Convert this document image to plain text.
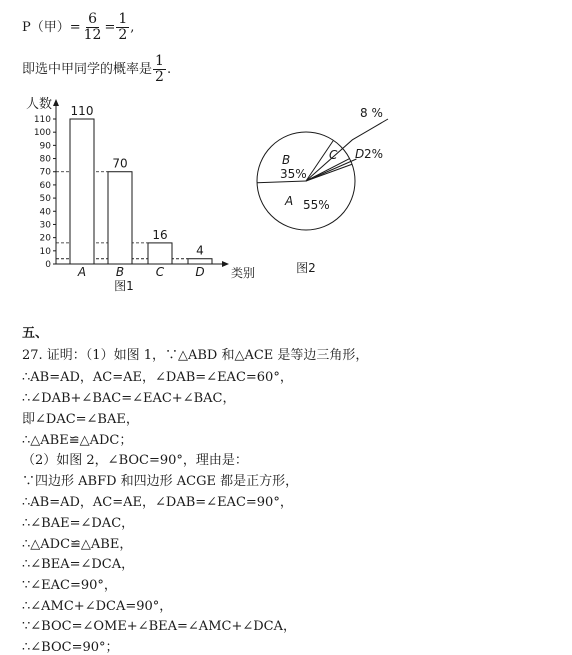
P（甲）= $\frac{6}{12} = \frac{1}{2}$ ,
即选中甲同学的概率是 $\frac{1}{2}$ .
人数
类别
0
10
20
30
40
50
60
70
80
90
100
110
110
A
70
B
16
C
4
D
图1
B
35%
A 55%
C
8 %
D 2%
图2
五、
27. 证明：（1）如图 1，∵△ABD 和△ACE 是等边三角形，
∴AB=AD，AC=AE，∠DAB=∠EAC=60°，
∴∠DAB+∠BAC=∠EAC+∠BAC，
即∠DAC=∠BAE，
∴△ABE≌△ADC；
（2）如图 2，∠BOC=90°，理由是：
∵四边形 ABFD 和四边形 ACGE 都是正方形，
∴AB=AD，AC=AE，∠DAB=∠EAC=90°，
∴∠BAE=∠DAC，
∴△ADC≌△ABE，
∴∠BEA=∠DCA，
∵∠EAC=90°，
∴∠AMC+∠DCA=90°，
∵∠BOC=∠OME+∠BEA=∠AMC+∠DCA，
∴∠BOC=90°；
